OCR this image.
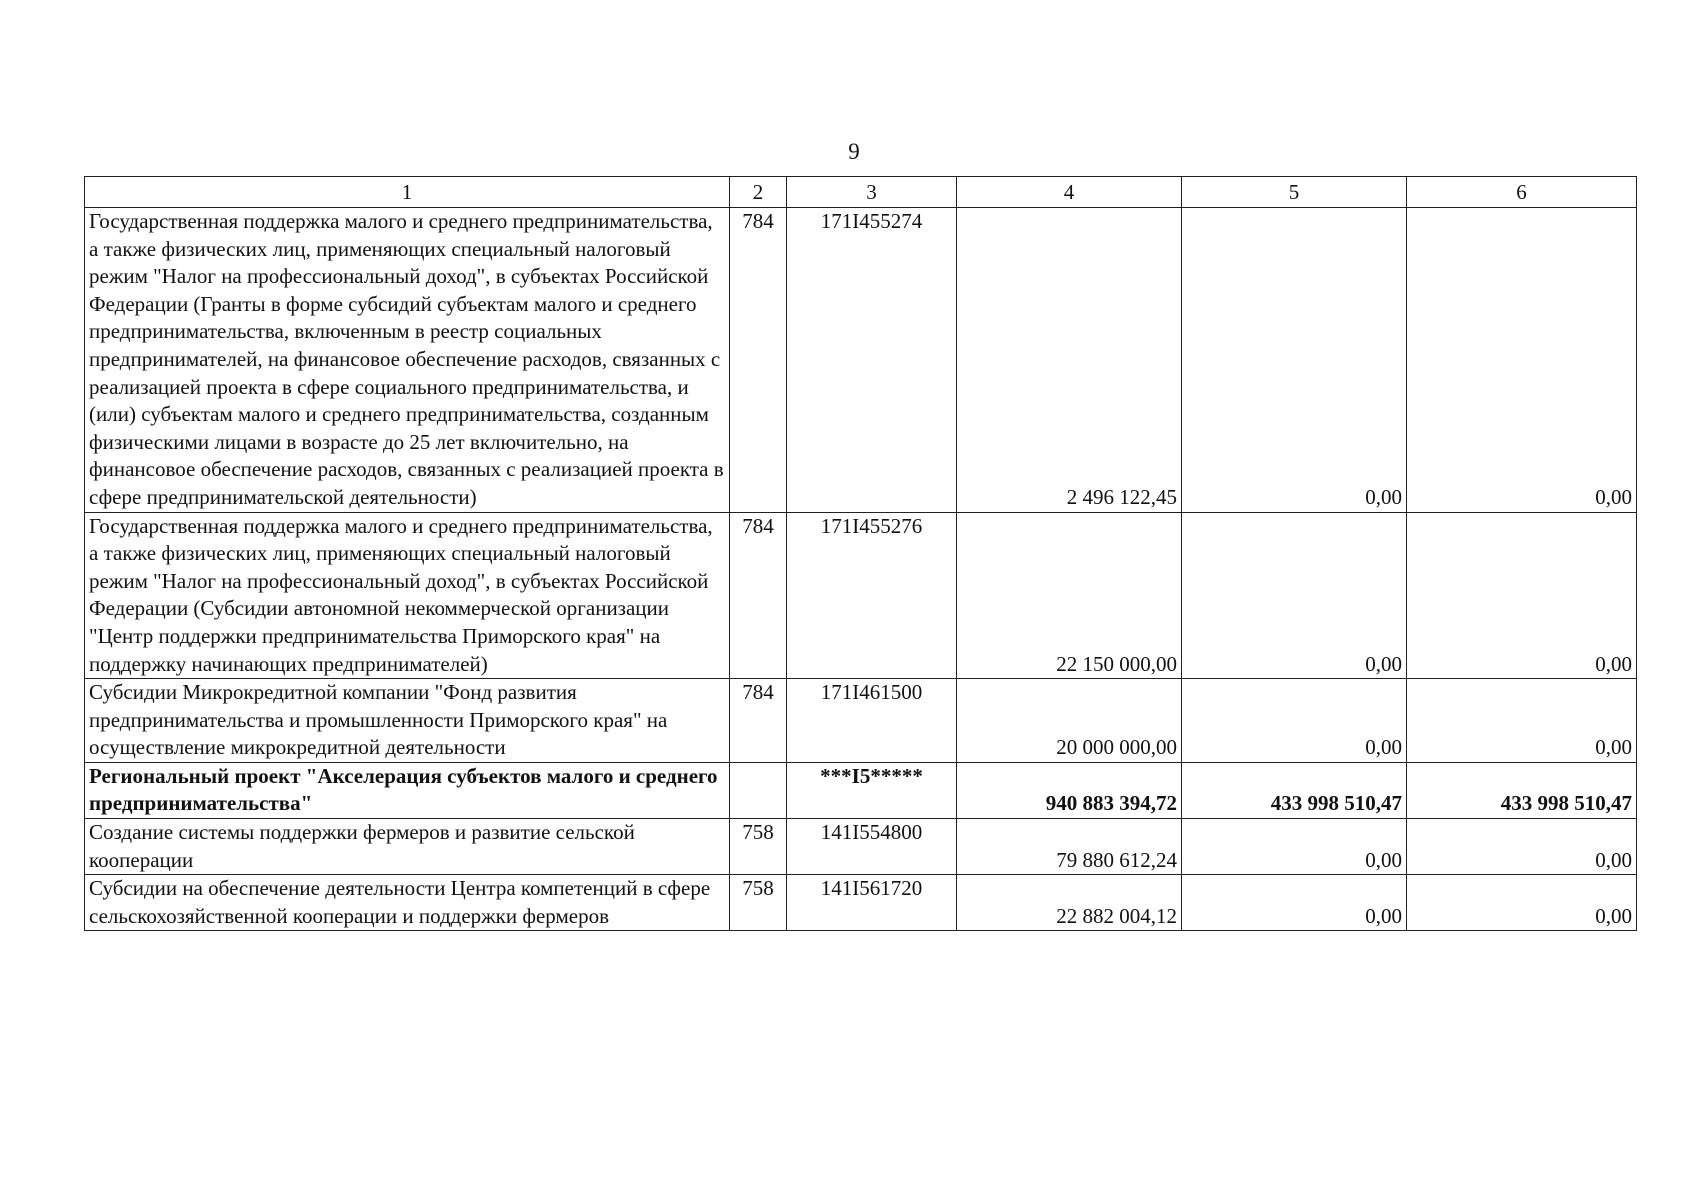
9
1	2	3	4	5	6
Государственная поддержка малого и среднего предпринимательства, а также физических лиц, применяющих специальный налоговый режим "Налог на профессиональный доход", в субъектах Российской Федерации (Гранты в форме субсидий субъектам малого и среднего предпринимательства, включенным в реестр социальных предпринимателей, на финансовое обеспечение расходов, связанных с реализацией проекта в сфере социального предпринимательства, и (или) субъектам малого и среднего предпринимательства, созданным физическими лицами в возрасте до 25 лет включительно, на финансовое обеспечение расходов, связанных с реализацией проекта в сфере предпринимательской деятельности)	784	171I455274	2 496 122,45	0,00	0,00
Государственная поддержка малого и среднего предпринимательства, а также физических лиц, применяющих специальный налоговый режим "Налог на профессиональный доход", в субъектах Российской Федерации (Субсидии автономной некоммерческой организации "Центр поддержки предпринимательства Приморского края" на поддержку начинающих предпринимателей)	784	171I455276	22 150 000,00	0,00	0,00
Субсидии Микрокредитной компании "Фонд развития предпринимательства и промышленности Приморского края" на осуществление микрокредитной деятельности	784	171I461500	20 000 000,00	0,00	0,00
Региональный проект "Акселерация субъектов малого и среднего предпринимательства"		***I5*****	940 883 394,72	433 998 510,47	433 998 510,47
Создание системы поддержки фермеров и развитие сельской кооперации	758	141I554800	79 880 612,24	0,00	0,00
Субсидии на обеспечение деятельности Центра компетенций в сфере сельскохозяйственной кооперации и поддержки фермеров	758	141I561720	22 882 004,12	0,00	0,00
